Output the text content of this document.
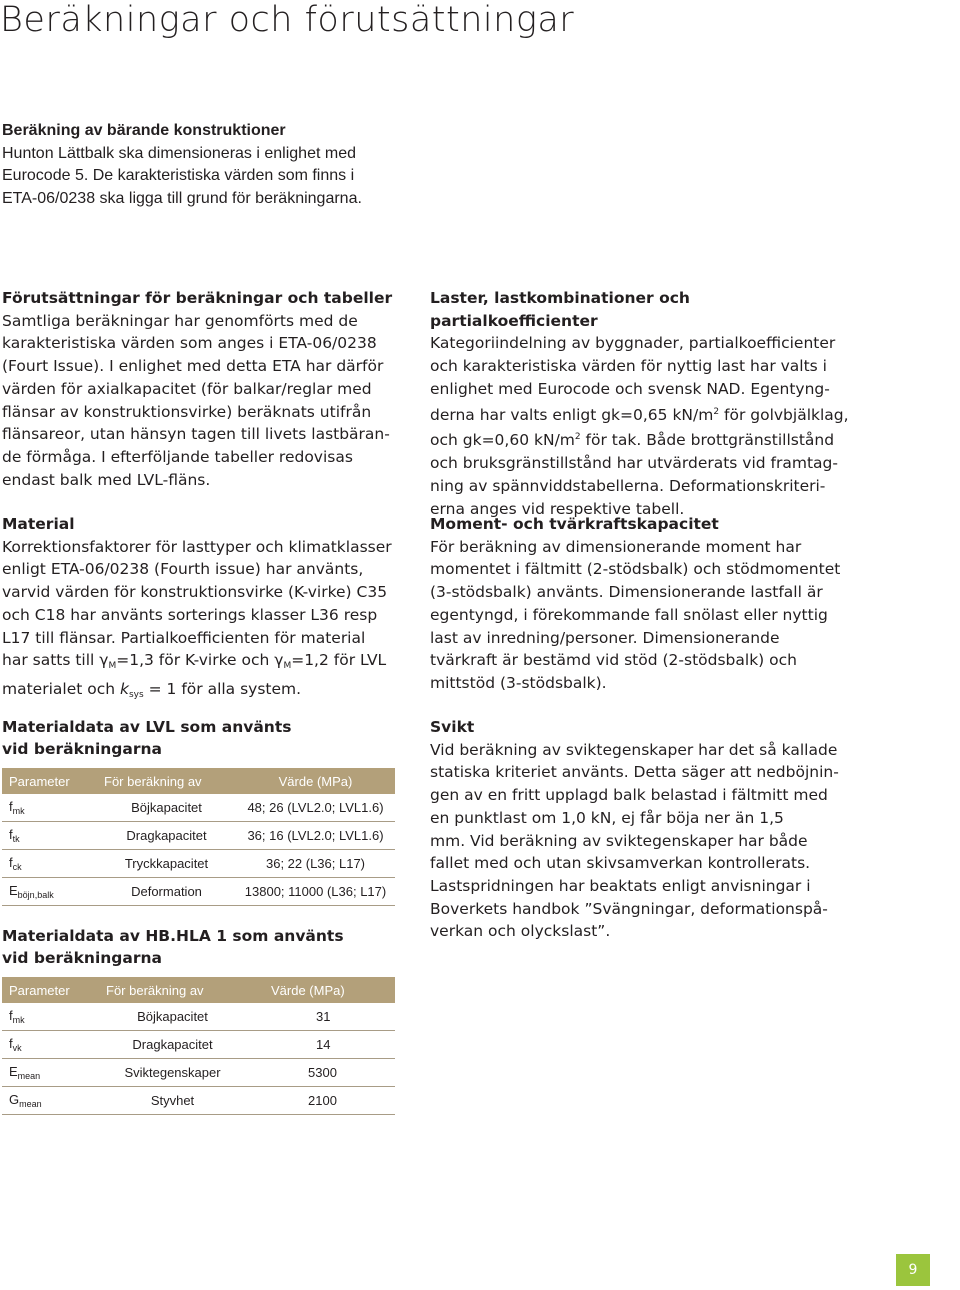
Beräkningar och förutsättningar
Beräkning av bärande konstruktioner
Hunton Lättbalk ska dimensioneras i enlighet med
Eurocode 5. De karakteristiska värden som finns i
ETA-06/0238 ska ligga till grund för beräkningarna.
Förutsättningar för beräkningar och tabeller
Samtliga beräkningar har genomförts med de
karakteristiska värden som anges i ETA-06/0238
(Fourt Issue). I enlighet med detta ETA har därför
värden för axialkapacitet (för balkar/reglar med
flänsar av konstruktionsvirke) beräknats utifrån
flänsareor, utan hänsyn tagen till livets lastbäran-
de förmåga. I efterföljande tabeller redovisas
endast balk med LVL-fläns.
Material
Korrektionsfaktorer för lasttyper och klimatklasser
enligt ETA-06/0238 (Fourth issue) har använts,
varvid värden för konstruktionsvirke (K-virke) C35
och C18 har använts sorterings klasser L36 resp
L17 till flänsar. Partialkoefficienten för material
har satts till $\gamma_M=1,3$ för K-virke och $\gamma_M=1,2$ för LVL
materialet och $k_{sys} = 1$ för alla system.
Materialdata av LVL som använts
vid beräkningarna
Parameter	För beräkning av	Värde (MPa)
$f_{mk}$	Böjkapacitet	48; 26 (LVL2.0; LVL1.6)
$f_{tk}$	Dragkapacitet	36; 16 (LVL2.0; LVL1.6)
$f_{ck}$	Tryckkapacitet	36; 22 (L36; L17)
$E_{böjn,balk}$	Deformation	13800; 11000 (L36; L17)
Materialdata av HB.HLA 1 som använts
vid beräkningarna
Parameter	För beräkning av	Värde (MPa)
$f_{mk}$	Böjkapacitet	31
$f_{vk}$	Dragkapacitet	14
$E_{mean}$	Sviktegenskaper	5300
$G_{mean}$	Styvhet	2100
Laster, lastkombinationer och partialkoefficienter
Kategoriindelning av byggnader, partialkoefficienter
och karakteristiska värden för nyttig last har valts i
enlighet med Eurocode och svensk NAD. Egentyng-
derna har valts enligt gk=0,65 $kN/m^2$ för golvbjälklag,
och gk=0,60 $kN/m^2$ för tak. Både brottgränstillstånd
och bruksgränstillstånd har utvärderats vid framtag-
ning av spännviddstabellerna. Deformationskriteri-
erna anges vid respektive tabell.
Moment- och tvärkraftskapacitet
För beräkning av dimensionerande moment har
momentet i fältmitt (2-stödsbalk) och stödmomentet
(3-stödsbalk) använts. Dimensionerande lastfall är
egentyngd, i förekommande fall snölast eller nyttig
last av inredning/personer. Dimensionerande
tvärkraft är bestämd vid stöd (2-stödsbalk) och
mittstöd (3-stödsbalk).
Svikt
Vid beräkning av sviktegenskaper har det så kallade
statiska kriteriet använts. Detta säger att nedböjnin-
gen av en fritt upplagd balk belastad i fältmitt med
en punktlast om 1,0 kN, ej får böja ner än 1,5
mm. Vid beräkning av sviktegenskaper har både
fallet med och utan skivsamverkan kontrollerats.
Lastspridningen har beaktats enligt anvisningar i
Boverkets handbok ”Svängningar, deformationspå-
verkan och olyckslast”.
9
